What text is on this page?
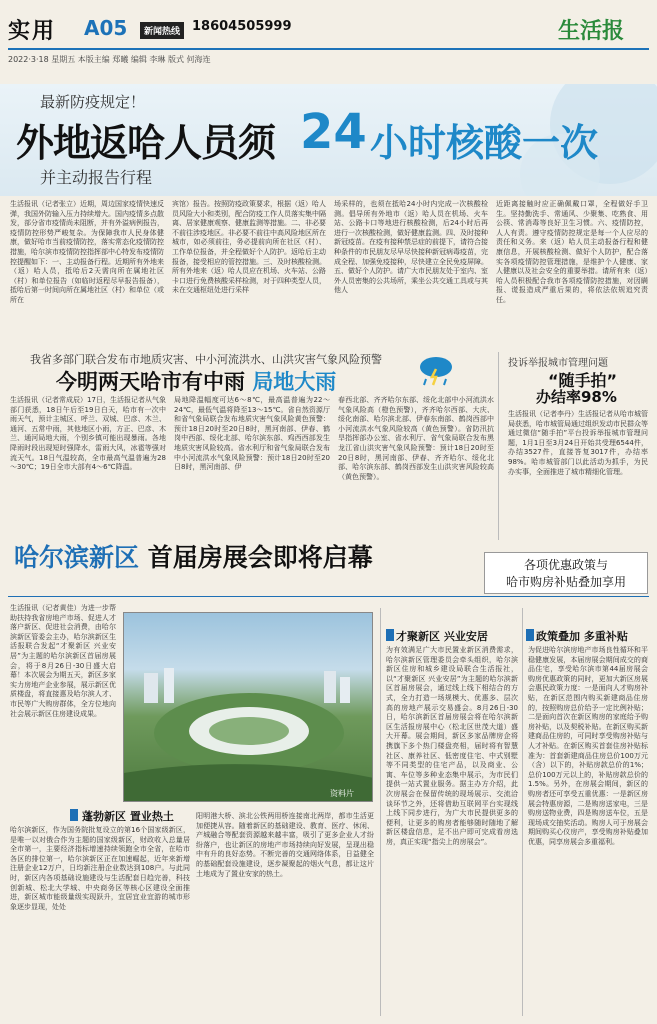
实用 A05	新闻热线 18604505999	生活报
2022·3·18 星期五 本版主编 郑曦 编辑 李琳 版式 何海连
最新防疫规定！
外地返哈人员须 24 小时核酸一次
并主动报告行程
生活报讯（记者张立）近期，周边国家疫情快速反弹，我国外防输入压力持续增大。国内疫情多点散发，部分省市疫情尚未阻断，并有外溢病例报告，疫情防控形势严峻复杂。为保障我市人民身体健康，做好哈市当前疫情防控，落实常态化疫情防控措施，哈尔滨市疫情防控指挥部中心特发布疫情防控提醒如下：一、主动报备行程。近期所有外地来（返）哈人员，抵哈后2天需向所在属地社区（村）和单位报告（如临时返程尽早报告报备），抵哈后第一时间向所在属地社区（村）和单位（或所在
宾馆）报告。按照防疫政策要求，根据（返）哈人员风险大小和类别，配合防疫工作人员落实集中隔离、居家健康观察、健康监测等措施。二、非必要不前往涉疫地区。非必要不前往中高风险地区所在城市，如必须前往，务必提前向所在社区（村）、工作单位报备，并全程做好个人防护。返哈后主动报备，接受相应的管控措施。三、及时核酸检测。所有外地来（返）哈人员应在机场、火车站、公路卡口进行免费核酸采样检测，对于四种类型人员，未在交通枢纽处进行采样
场采样的，也须在抵哈24小时内完成一次核酸检测。倡导所有外地市（返）哈人员在机场、火车站、公路卡口等地进行核酸检测，后24小时后再进行一次核酸检测，做好健康监测。四、及时接种新冠疫苗。在疫有接种禁忌症的前提下，请符合接种条件的市民朋友尽早尽快接种新冠病毒疫苗，完成全程、加强免疫接种，尽快建立全民免疫屏障。五、做好个人防护。请广大市民朋友处于室内、室外人员密集的公共场所，乘坐公共交通工具或与其他人
近距离接触时应正确佩戴口罩，全程做好手卫生。坚持勤洗手、常通风、少聚集、吃熟食、用公筷、常消毒等良好卫生习惯。六、疫情防控，人人有责。遵守疫情防控规定是每一个人应尽的责任和义务。来（返）哈人员主动报备行程和健康信息，开展核酸检测、做好个人防护，配合落实各项疫情防控管理措施，是维护个人健康、家人健康以及社会安全的重要举措。请所有来（返）哈人员积极配合我市各项疫情防控措施，对因瞒报、谎报造成严重后果的，将依法依规追究责任。
我省多部门联合发布市地质灾害、中小河流洪水、山洪灾害气象风险预警
今明两天哈市有中雨 局地大雨
生活报讯（记者常成辰）17日，生活报记者从气象部门获悉，18日午后至19日白天，哈市有一次中雨天气，预计主城区、呼兰、双城、巴彦、木兰、通河、五常中雨，其他地区小雨，方正、巴彦、木兰、通河局地大雨，个别乡镇可能出现暴雨。各地降雨时段出现短时强降水，雷雨大风，冰雹等强对流天气。18日气温较高，全市最高气温普遍为28～30℃；19日全市大部有4～6℃降温。
局地降温幅度可达6～8℃，最高温普遍为22～24℃，最低气温将降至13～15℃。省自然资源厅和省气象局联合发布地质灾害气象风险黄色预警：预计18日20时至20日8时，黑河南部、伊春、鹤岗中西部、绥化北部、哈尔滨东部、鸡西西部发生地质灾害风险较高。省水利厅和省气象局联合发布中小河流洪水气象风险预警：预计18日20时至20日8时，黑河南部、伊
春西北部、齐齐哈尔东部、绥化北部中小河流洪水气象风险高（橙色预警），齐齐哈尔西部、大庆、绥化南部、哈尔滨北部、伊春东南部、鹤岗西部中小河流洪水气象风险较高（黄色预警）。省防汛抗旱指挥部办公室、省水利厅、省气象局联合发布黑龙江省山洪灾害气象风险预警：预计18日20时至20日8时，黑河南部、伊春、齐齐哈尔、绥化北部、哈尔滨东部、鹤岗西部发生山洪灾害风险较高（黄色预警）。
投诉举报城市管理问题
“随手拍”
办结率98%
生活报讯（记者李丹）生活报记者从哈市城管局获悉，哈市城管局通过组织发动市民群众等通过微信“随手拍”平台投诉举报城市管理问题，1月1日至3月24日开始共受理6544件，办结3527件，直接答复3017件，办结率98%。哈市城管部门以此活动为抓手，为民办实事，全面推进了城市精细化管理。
哈尔滨新区 首届房展会即将启幕	各项优惠政策与
哈市购房补贴叠加享用
生活报讯（记者黄佳）为进一步帮助扶持我省房地产市场、促进人才落户新区、促进社会消费，由哈尔滨新区管委会主办，哈尔滨新区生活报联合发起“才聚新区 兴业安居”为主题的哈尔滨新区首届房展会，将于8月26日-30日盛大启幕！本次展会为期五天，新区多家实力房地产企业参展，展示新区优质楼盘，将直接惠及哈尔滨人才、市民等广大购房群体，全方位地向社会展示新区住房建设成果。
资料片
蓬勃新区 置业热土
哈尔滨新区，作为国务院批复设立的第16个国家级新区，是唯一以对俄合作为主题的国家级新区，财政收入总量居全市第一，主要经济指标增速持续领跑全市全省，在哈市各区的排位第一，哈尔滨新区正在加速崛起，近年来新增注册企业12万户，日均新注册企业数达到108户。与此同时，新区内各项基础设施建设与生活配套日趋完善，科技创新城、松北大学城、中央商务区等核心区建设全面推进，新区城市能级量级实现跃升，宜居宜业宜游的城市形象逐步显现，处处
阳明港大桥、滨北公铁两用桥连接南北两岸，都市生活更加便捷从容。随着新区的基础建设、教育、医疗、休闲、产城融合等配套资源越来越丰富，吸引了更多企业人才纷纷落户，也让新区的房地产市场持续向好发展，呈现出稳中有升的良好态势。不断完善的交通网络体系，日益健全的基础配套设施建设，逐步凝聚起的烟火气息，都让这片土地成为了置业安家的热土。
才聚新区 兴业安居
为有效满足广大市民置业新区消费需求，哈尔滨新区管理委员会牵头组织，哈尔滨新区住房和城乡建设局联合生活报社，以“才聚新区 兴业安居”为主题的哈尔滨新区首届房展会，通过线上线下相结合的方式，全力打造一场规模大、优惠多、层次高的房地产展示交易盛会。8月26日-30日，哈尔滨新区首届房展会将在哈尔滨新区生活报房展中心（松北区世茂大道）盛大开幕。展会期间，新区多家品牌房企将携旗下多个热门楼盘亮相，届时将有智慧社区、康养社区、低密度住宅、中式别墅等不同类型的住宅产品，以及商业、公寓、车位等多种业态集中展示，为市民们提供一站式置业服务。据主办方介绍，此次房展会在保留传统的现场展示、交流洽谈环节之外，还将借助互联网平台实现线上线下同步进行，为广大市民提供更多的便利，让更多的购房者能够随时随地了解新区楼盘信息，足不出户即可完成看房选房，真正实现“指尖上的房展会”。
政策叠加 多重补贴
为促进哈尔滨房地产市场良性循环和平稳健康发展，本届房展会期间成交的商品住宅，享受哈尔滨市第44届房展会购房优惠政策的同时，更加大新区房展会惠民政策力度：一是面向人才购房补贴，在新区范围内购买新建商品住房的，按照购房总价给予一定比例补贴；二是面向首次在新区购房的家庭给予购房补贴，以及契税补贴。在新区购买新建商品住房的，可同时享受购房补贴与人才补贴。在新区购买首套住房补贴标准为：首套新建商品住房总价100万元（含）以下的，补贴房款总价的1%；总价100万元以上的，补贴房款总价的1.5%。另外，在房展会期间，新区的购房者还可享受五重优惠：一是新区房展会特惠房源，二是购房送家电，三是购房送物业费，四是购房送车位，五是现场成交抽奖活动。购房人可于房展会期间购买心仪房产，享受购房补贴叠加优惠，同享房展会多重福利。
